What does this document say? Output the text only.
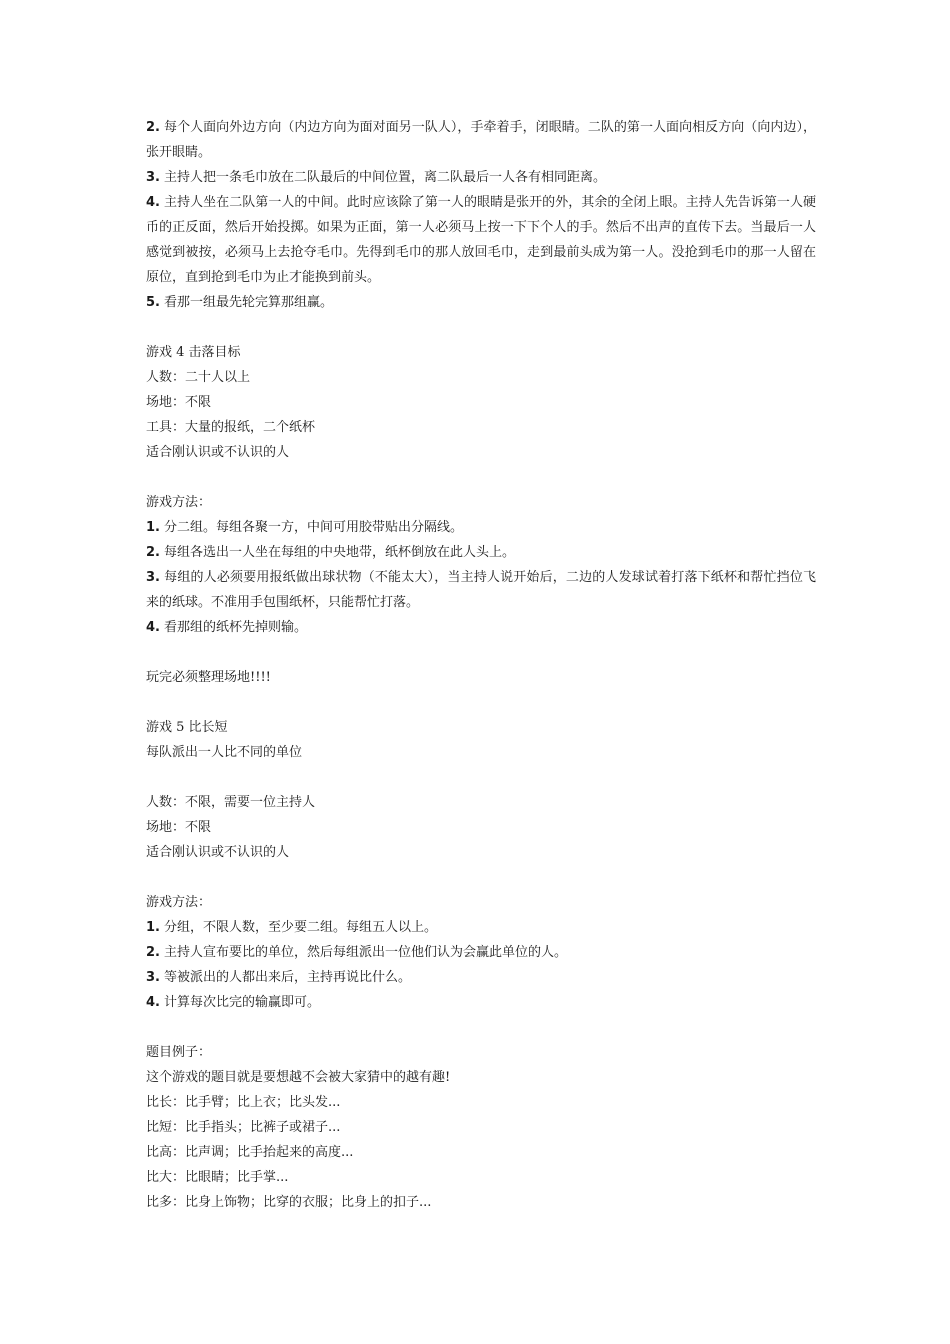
2. 每个人面向外边方向（内边方向为面对面另一队人），手牵着手，闭眼睛。二队的第一人面向相反方向（向内边），张开眼睛。
3. 主持人把一条毛巾放在二队最后的中间位置，离二队最后一人各有相同距离。
4. 主持人坐在二队第一人的中间。此时应该除了第一人的眼睛是张开的外，其余的全闭上眼。主持人先告诉第一人硬币的正反面，然后开始投掷。如果为正面，第一人必须马上按一下下个人的手。然后不出声的直传下去。当最后一人感觉到被按，必须马上去抢夺毛巾。先得到毛巾的那人放回毛巾，走到最前头成为第一人。没抢到毛巾的那一人留在原位，直到抢到毛巾为止才能换到前头。
5. 看那一组最先轮完算那组赢。
游戏 4 击落目标
人数：二十人以上
场地：不限
工具：大量的报纸，二个纸杯
适合刚认识或不认识的人
游戏方法：
1. 分二组。每组各聚一方，中间可用胶带贴出分隔线。
2. 每组各选出一人坐在每组的中央地带，纸杯倒放在此人头上。
3. 每组的人必须要用报纸做出球状物（不能太大），当主持人说开始后，二边的人发球试着打落下纸杯和帮忙挡位飞来的纸球。不准用手包围纸杯，只能帮忙打落。
4. 看那组的纸杯先掉则输。
玩完必须整理场地!!!!
游戏 5 比长短
每队派出一人比不同的单位
人数：不限，需要一位主持人
场地：不限
适合刚认识或不认识的人
游戏方法：
1. 分组，不限人数，至少要二组。每组五人以上。
2. 主持人宣布要比的单位，然后每组派出一位他们认为会赢此单位的人。
3. 等被派出的人都出来后，主持再说比什么。
4. 计算每次比完的输赢即可。
题目例子：
这个游戏的题目就是要想越不会被大家猜中的越有趣!
比长：比手臂；比上衣；比头发...
比短：比手指头；比裤子或裙子...
比高：比声调；比手抬起来的高度...
比大：比眼睛；比手掌...
比多：比身上饰物；比穿的衣服；比身上的扣子...
